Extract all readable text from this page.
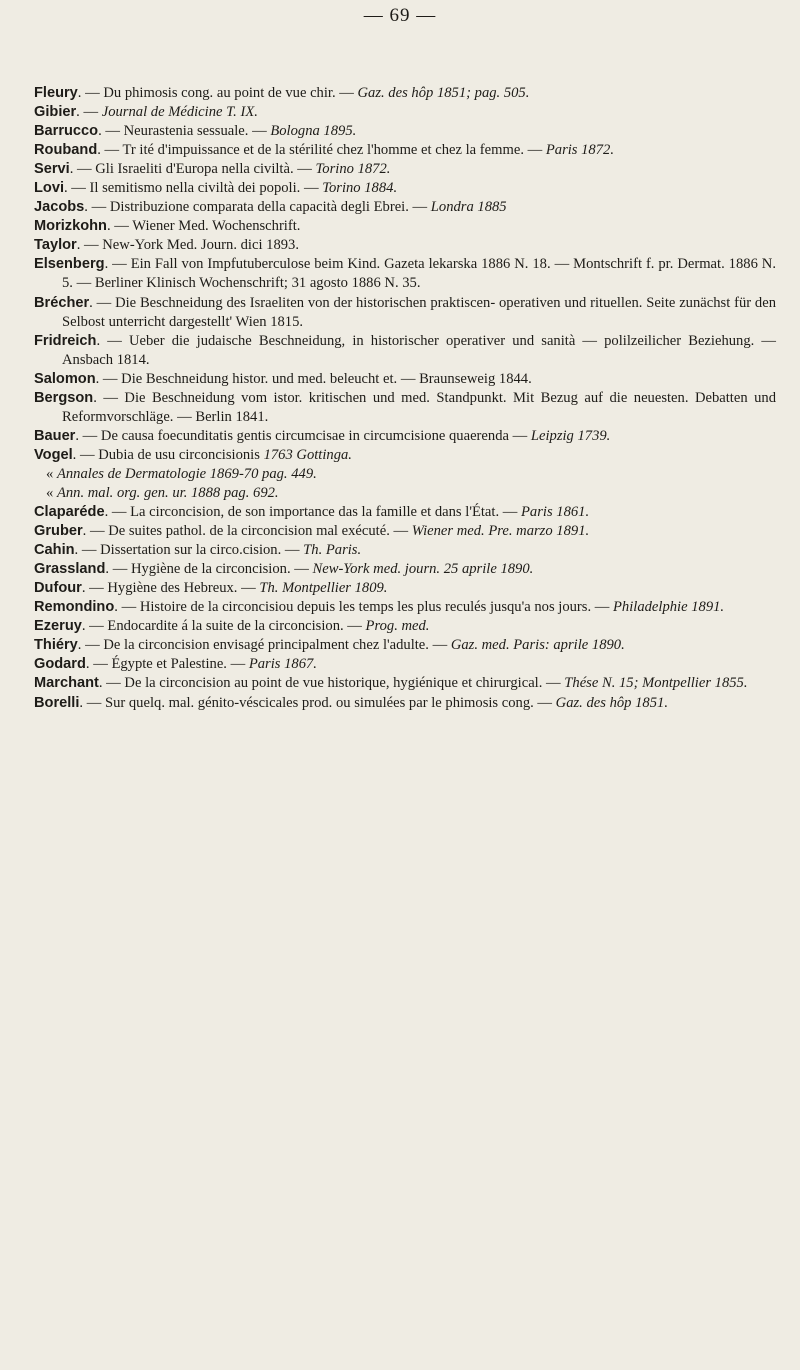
— 69 —

Fleury. — Du phimosis cong. au point de vue chir. — Gaz. des hôp 1851; pag. 505.

Gibier. — Journal de Médicine T. IX.

Barrucco. — Neurastenia sessuale. — Bologna 1895.

Rouband. — Tr ité d'impuissance et de la stérilité chez l'homme et chez la femme. — Paris 1872.

Servi. — Gli Israeliti d'Europa nella civiltà. — Torino 1872.

Lovi. — Il semitismo nella civiltà dei popoli. — Torino 1884.

Jacobs. — Distribuzione comparata della capacità degli Ebrei. — Londra 1885

Morizkohn. — Wiener Med. Wochenschrift.

Taylor. — New-York Med. Journ. dici 1893.

Elsenberg. — Ein Fall von Impfutuberculose beim Kind. Gazeta lekarska 1886 N. 18. — Montschrift f. pr. Dermat. 1886 N. 5. — Berliner Klinisch Wochenschrift; 31 agosto 1886 N. 35.

Brécher. — Die Beschneidung des Israeliten von der historischen praktiscen- operativen und rituellen. Seite zunächst für den Selbost unterricht dargestellt' Wien 1815.

Fridreich. — Ueber die judaische Beschneidung, in historischer operativer und sanità — polilzeilicher Beziehung. — Ansbach 1814.

Salomon. — Die Beschneidung histor. und med. beleucht et. — Braunseweig 1844.

Bergson. — Die Beschneidung vom istor. kritischen und med. Standpunkt. Mit Bezug auf die neuesten. Debatten und Reformvorschläge. — Berlin 1841.

Bauer. — De causa foecunditatis gentis circumcisae in circumcisione quaerenda — Leipzig 1739.

Vogel. — Dubia de usu circoncisionis 1763 Gottinga.

« Annales de Dermatologie 1869-70 pag. 449.

« Ann. mal. org. gen. ur. 1888 pag. 692.

Claparéde. — La circoncision, de son importance das la famille et dans l'État. — Paris 1861.

Gruber. — De suites pathol. de la circoncision mal exécuté. — Wiener med. Pre. marzo 1891.

Cahin. — Dissertation sur la circo.cision. — Th. Paris.

Grassland. — Hygiène de la circoncision. — New-York med. journ. 25 aprile 1890.

Dufour. — Hygiène des Hebreux. — Th. Montpellier 1809.

Remondino. — Histoire de la circoncisiou depuis les temps les plus reculés jusqu'a nos jours. — Philadelphie 1891.

Ezeruy. — Endocardite á la suite de la circoncision. — Prog. med.

Thiéry. — De la circoncision envisagé principalment chez l'adulte. — Gaz. med. Paris: aprile 1890.

Godard. — Égypte et Palestine. — Paris 1867.

Marchant. — De la circoncision au point de vue historique, hygiénique et chirurgical. — Thése N. 15; Montpellier 1855.

Borelli. — Sur quelq. mal. génito-véscicales prod. ou simulées par le phimosis cong. — Gaz. des hôp 1851.
